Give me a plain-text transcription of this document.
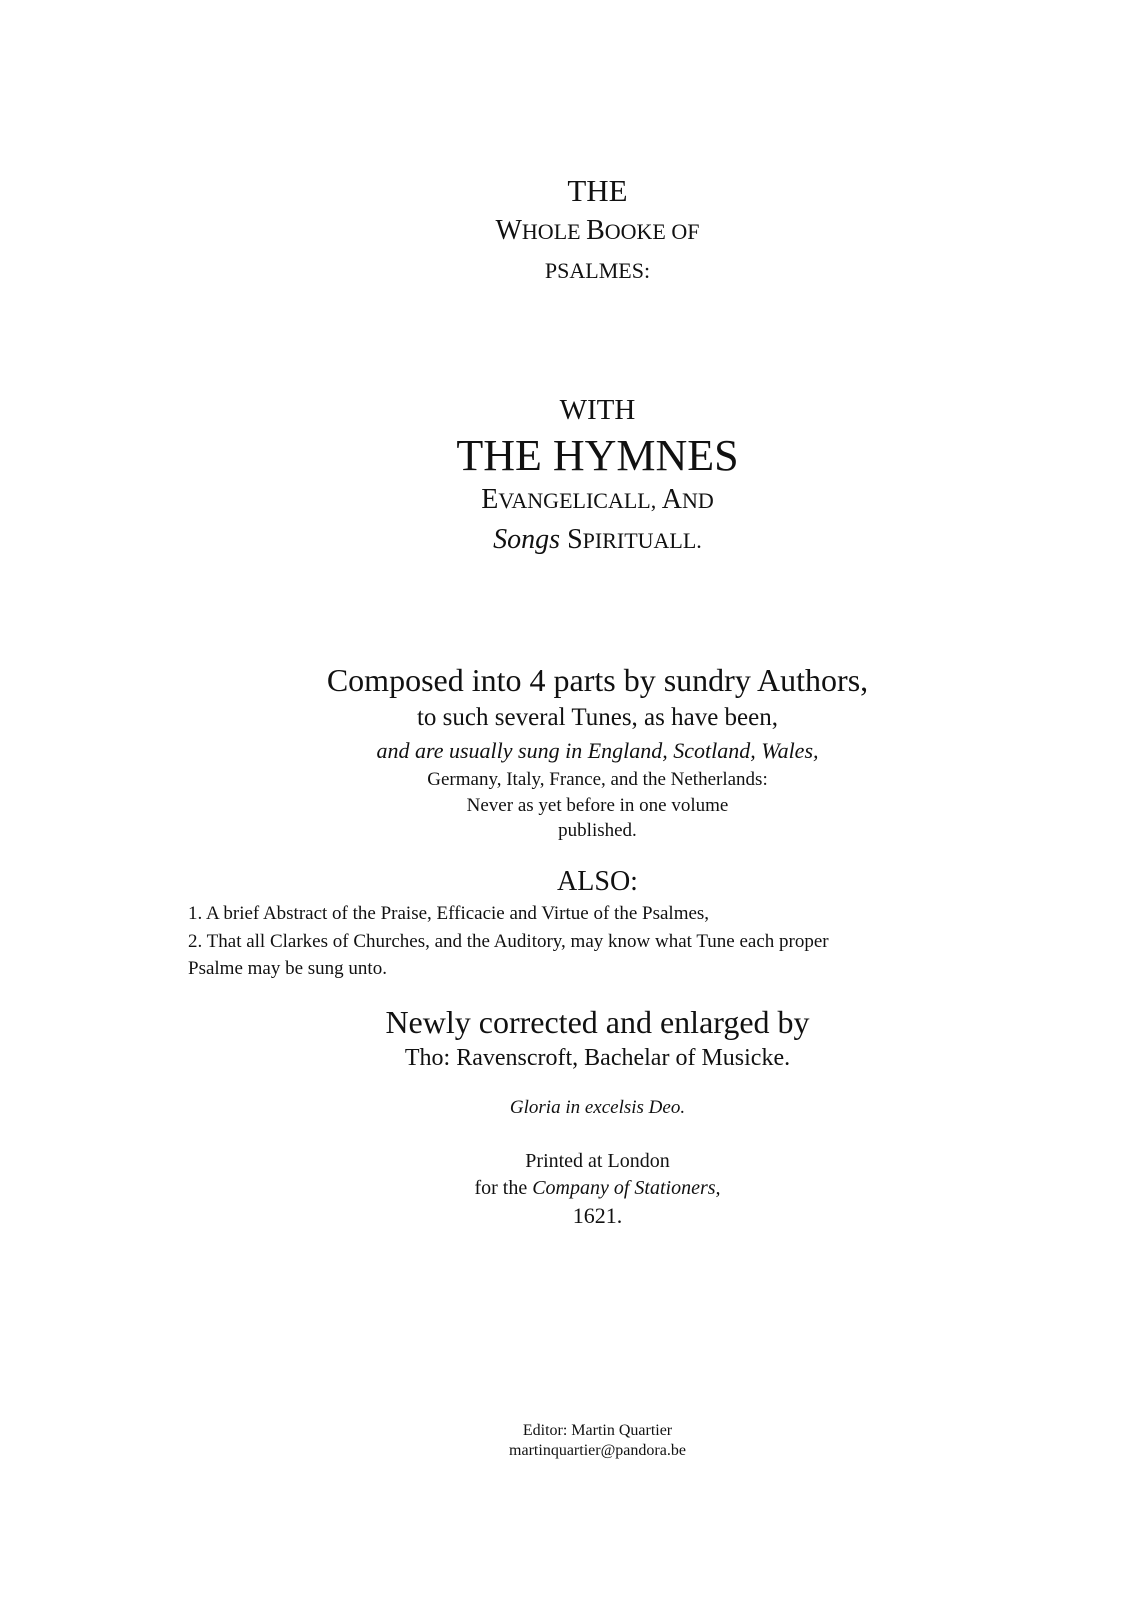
THE
WHOLE BOOKE OF
PSALMES:
WITH
THE HYMNES
EVANGELICALL, AND
Songs SPIRITUALL.
Composed into 4 parts by sundry Authors,
to such several Tunes, as have been,
and are usually sung in England, Scotland, Wales,
Germany, Italy, France, and the Netherlands:
Never as yet before in one volume
published.
ALSO:
1. A brief Abstract of the Praise, Efficacie and Virtue of the Psalmes,
2. That all Clarkes of Churches, and the Auditory, may know what Tune each proper
Psalme may be sung unto.
Newly corrected and enlarged by
Tho: Ravenscroft, Bachelar of Musicke.
Gloria in excelsis Deo.
Printed at London
for the Company of Stationers,
1621.
Editor: Martin Quartier
martinquartier@pandora.be
